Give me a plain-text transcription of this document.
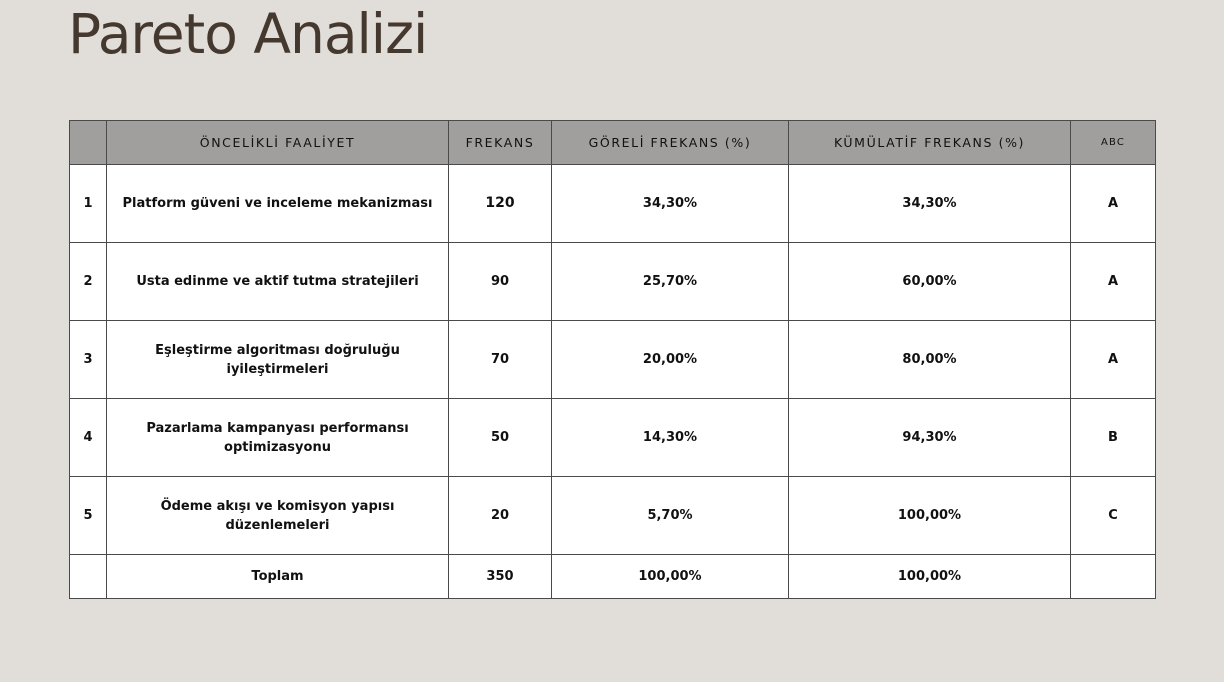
Pareto Analizi
	ÖNCELİKLİ FAALİYET	FREKANS	GÖRELİ FREKANS (%)	KÜMÜLATİF FREKANS (%)	ABC
1	Platform güveni ve inceleme mekanizması	120	34,30%	34,30%	A
2	Usta edinme ve aktif tutma stratejileri	90	25,70%	60,00%	A
3	Eşleştirme algoritması doğruluğu iyileştirmeleri	70	20,00%	80,00%	A
4	Pazarlama kampanyası performansı optimizasyonu	50	14,30%	94,30%	B
5	Ödeme akışı ve komisyon yapısı düzenlemeleri	20	5,70%	100,00%	C
	Toplam	350	100,00%	100,00%	
